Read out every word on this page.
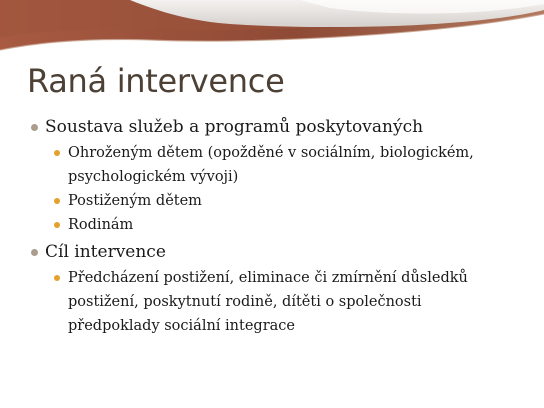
Raná intervence
Soustava služeb a programů poskytovaných
Ohroženým dětem (opožděné v sociálním, biologickém, psychologickém vývoji)
Postiženým dětem
Rodinám
Cíl intervence
Předcházení postižení, eliminace či zmírnění důsledků postižení, poskytnutí rodině, dítěti o společnosti předpoklady sociální integrace
